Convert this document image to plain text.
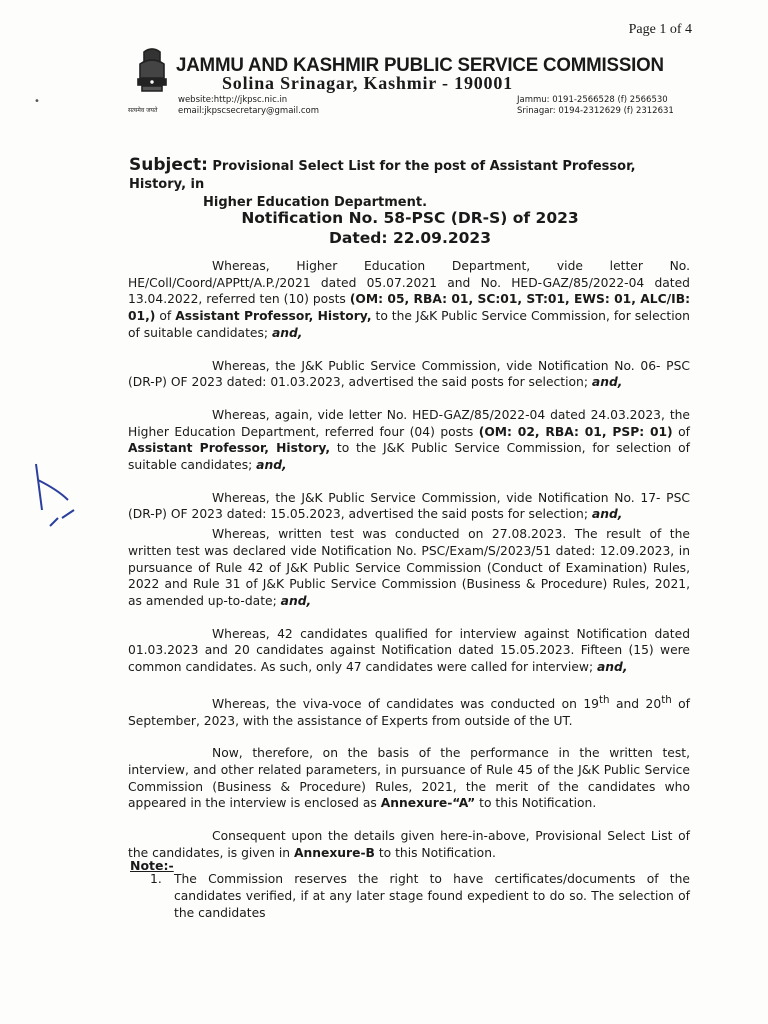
Page 1 of 4
•
सत्यमेव जयते
JAMMU AND KASHMIR PUBLIC SERVICE COMMISSION
Solina Srinagar, Kashmir - 190001
website:http://jkpsc.nic.in
email:jkpscsecretary@gmail.com
Jammu: 0191-2566528 (f) 2566530
Srinagar: 0194-2312629 (f) 2312631
Subject: Provisional Select List for the post of Assistant Professor, History, in
Higher Education Department.
Notification No. 58-PSC (DR-S) of 2023
Dated: 22.09.2023

Whereas, Higher Education Department, vide letter No. HE/Coll/Coord/APPtt/A.P./2021 dated 05.07.2021 and No. HED-GAZ/85/2022-04 dated 13.04.2022, referred ten (10) posts (OM: 05, RBA: 01, SC:01, ST:01, EWS: 01, ALC/IB: 01,) of Assistant Professor, History, to the J&K Public Service Commission, for selection of suitable candidates; and,

Whereas, the J&K Public Service Commission, vide Notification No. 06- PSC (DR-P) OF 2023 dated: 01.03.2023, advertised the said posts for selection; and,

Whereas, again, vide letter No. HED-GAZ/85/2022-04 dated 24.03.2023, the Higher Education Department, referred four (04) posts (OM: 02, RBA: 01, PSP: 01) of Assistant Professor, History, to the J&K Public Service Commission, for selection of suitable candidates; and,

Whereas, the J&K Public Service Commission, vide Notification No. 17- PSC (DR-P) OF 2023 dated: 15.05.2023, advertised the said posts for selection; and,

Whereas, written test was conducted on 27.08.2023. The result of the written test was declared vide Notification No. PSC/Exam/S/2023/51 dated: 12.09.2023, in pursuance of Rule 42 of J&K Public Service Commission (Conduct of Examination) Rules, 2022 and Rule 31 of J&K Public Service Commission (Business & Procedure) Rules, 2021, as amended up-to-date; and,

Whereas, 42 candidates qualified for interview against Notification dated 01.03.2023 and 20 candidates against Notification dated 15.05.2023. Fifteen (15) were common candidates. As such, only 47 candidates were called for interview; and,

Whereas, the viva-voce of candidates was conducted on 19th and 20th of September, 2023, with the assistance of Experts from outside of the UT.

Now, therefore, on the basis of the performance in the written test, interview, and other related parameters, in pursuance of Rule 45 of the J&K Public Service Commission (Business & Procedure) Rules, 2021, the merit of the candidates who appeared in the interview is enclosed as Annexure-“A” to this Notification.

Consequent upon the details given here-in-above, Provisional Select List of the candidates, is given in Annexure-B to this Notification.

Note:-
1. The Commission reserves the right to have certificates/documents of the candidates verified, if at any later stage found expedient to do so. The selection of the candidates
